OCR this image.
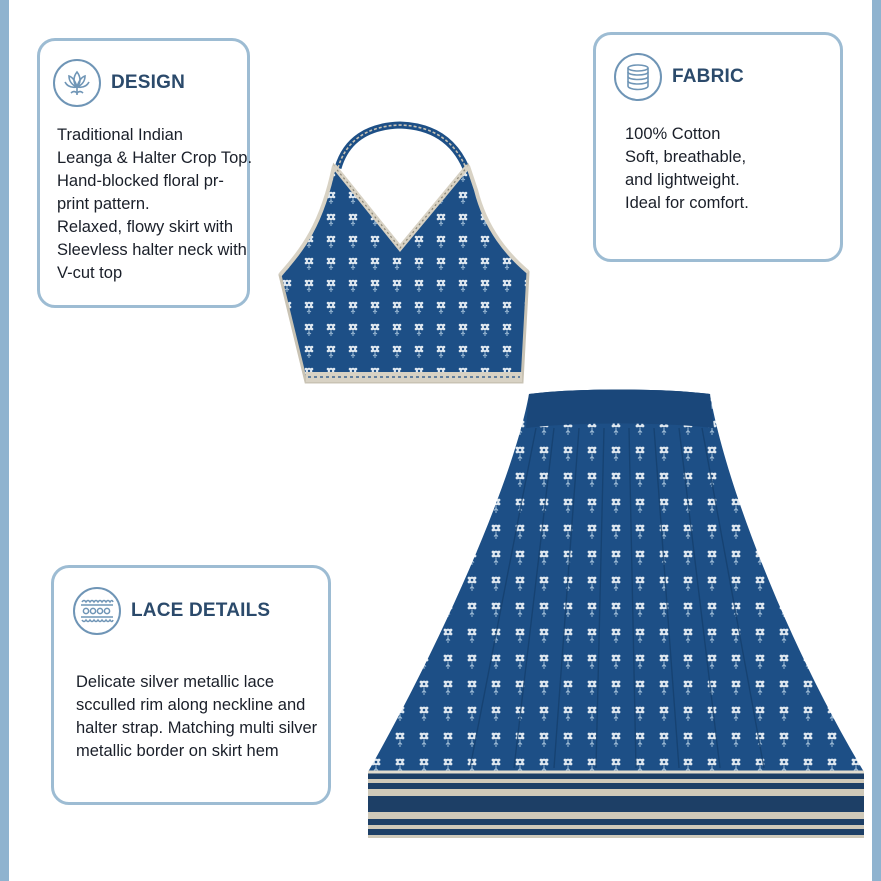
DESIGN
Traditional Indian
Leanga & Halter Crop Top.
Hand-blocked floral pr-
print pattern.
Relaxed, flowy skirt with
Sleevless halter neck with
V-cut top
FABRIC
100% Cotton
Soft, breathable,
and lightweight.
Ideal for comfort.
LACE DETAILS
Delicate silver metallic lace
scculled rim along neckline and
halter strap. Matching multi silver
metallic border on skirt hem
